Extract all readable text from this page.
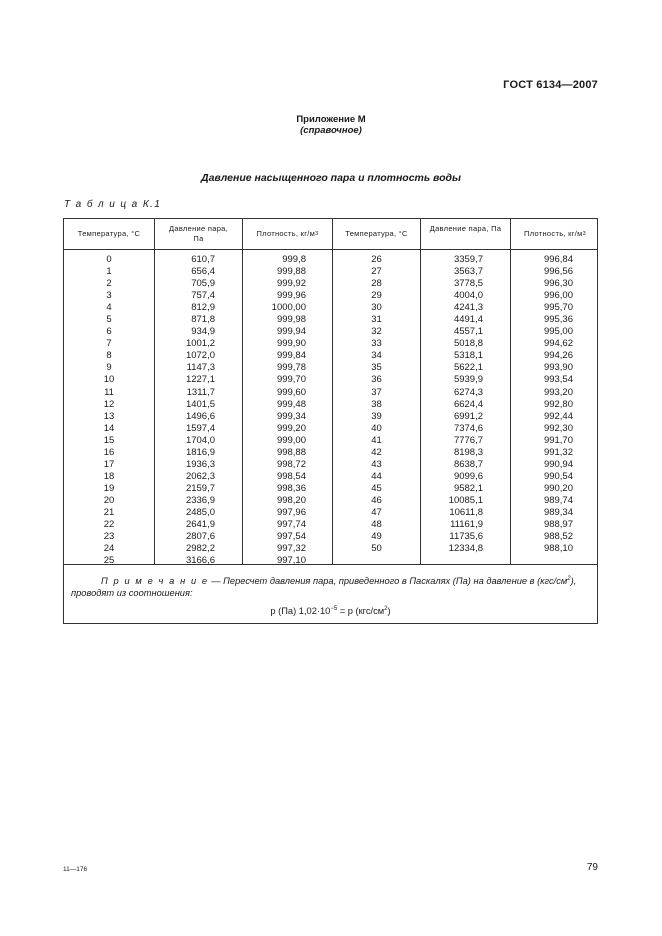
ГОСТ 6134—2007
Приложение М
(справочное)
Давление насыщенного пара и плотность воды
Т а б л и ц а К.1
Температура, °С
Давление пара, Па
Плотность, кг/м 3	Температура, °С
Давление пара, Па
Плотность, кг/м 3
0
1
2
3
4
5
6
7
8
9
10
11
12
13
14
15
16
17
18
19
20
21
22
23
24
25
610,7
656,4
705,9
757,4
812,9
871,8
934,9
1001,2
1072,0
1147,3
1227,1
1311,7
1401,5
1496,6
1597,4
1704,0
1816,9
1936,3
2062,3
2159,7
2336,9
2485,0
2641,9
2807,6
2982,2
3166,6
999,8
999,88
999,92
999,96
1000,00
999,98
999,94
999,90
999,84
999,78
999,70
999,60
999,48
999,34
999,20
999,00
998,88
998,72
998,54
998,36
998,20
997,96
997,74
997,54
997,32
997,10
26
27
28
29
30
31
32
33
34
35
36
37
38
39
40
41
42
43
44
45
46
47
48
49
50
3359,7
3563,7
3778,5
4004,0
4241,3
4491,4
4557,1
5018,8
5318,1
5622,1
5939,9
6274,3
6624,4
6991,2
7374,6
7776,7
8198,3
8638,7
9099,6
9582,1
10085,1
10611,8
11161,9
11735,6
12334,8
996,84
996,56
996,30
996,00
995,70
995,36
995,00
994,62
994,26
993,90
993,54
993,20
992,80
992,44
992,30
991,70
991,32
990,94
990,54
990,20
989,74
989,34
988,97
988,52
988,10
П р и м е ч а н и е — Пересчет давления пара, приведенного в Паскалях (Па) на давление в $(кгс/см^2)$, проводят из соотношения:
p (Па) $1,02\cdot 10^{-5} = p$ $(кгс/см^2)$
11—176	79
